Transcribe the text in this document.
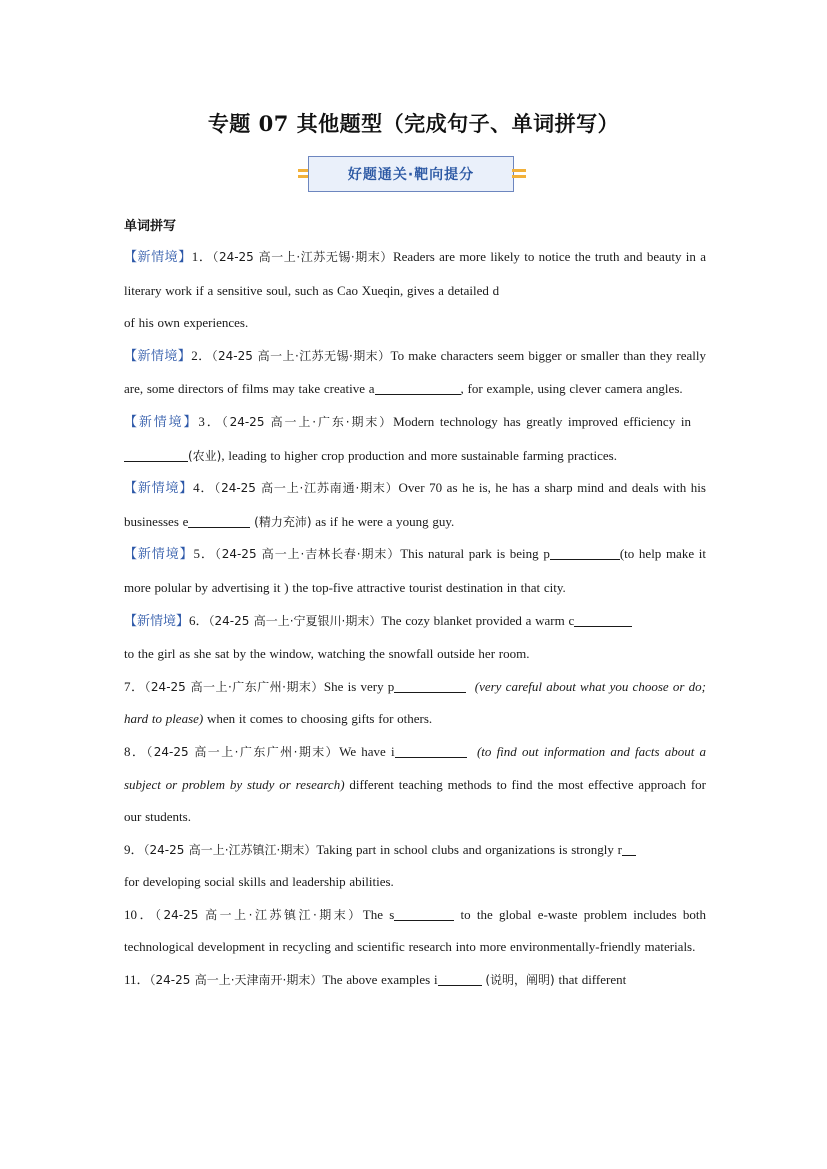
专题 07 其他题型（完成句子、单词拼写）
好题通关·靶向提分
单词拼写
【新情境】1．（24-25 高一上·江苏无锡·期末）Readers are more likely to notice the truth and beauty in a literary work if a sensitive soul, such as Cao Xueqin, gives a detailed d
of his own experiences.
【新情境】2．（24-25 高一上·江苏无锡·期末）To make characters seem bigger or smaller than they really are, some directors of films may take creative a	, for example, using clever camera angles.
【新情境】3．（24-25 高一上·广东·期末）Modern technology has greatly improved efficiency in   (农业), leading to higher crop production and more sustainable farming practices.
【新情境】4．（24-25 高一上·江苏南通·期末）Over 70 as he is, he has a sharp mind and deals with his businesses e	(精力充沛) as if he were a young guy.
【新情境】5．（24-25 高一上·吉林长春·期末）This natural park is being p	(to help make it more polular by advertising it ) the top-five attractive tourist destination in that city.
【新情境】6．（24-25 高一上·宁夏银川·期末）The cozy blanket provided a warm c
to the girl as she sat by the window, watching the snowfall outside her room.
7．（24-25 高一上·广东广州·期末）She is very p	(very careful about what you choose or do; hard to please) when it comes to choosing gifts for others.
8．（24-25 高一上·广东广州·期末）We have i	(to find out information and facts about a subject or problem by study or research) different teaching methods to find the most effective approach for our students.
9．（24-25 高一上·江苏镇江·期末）Taking part in school clubs and organizations is strongly r
for developing social skills and leadership abilities.
10．（24-25 高一上·江苏镇江·期末）The s	to the global e-waste problem includes both technological development in recycling and scientific research into more environmentally-friendly materials.
11．（24-25 高一上·天津南开·期末）The above examples i	(说明，阐明) that different
